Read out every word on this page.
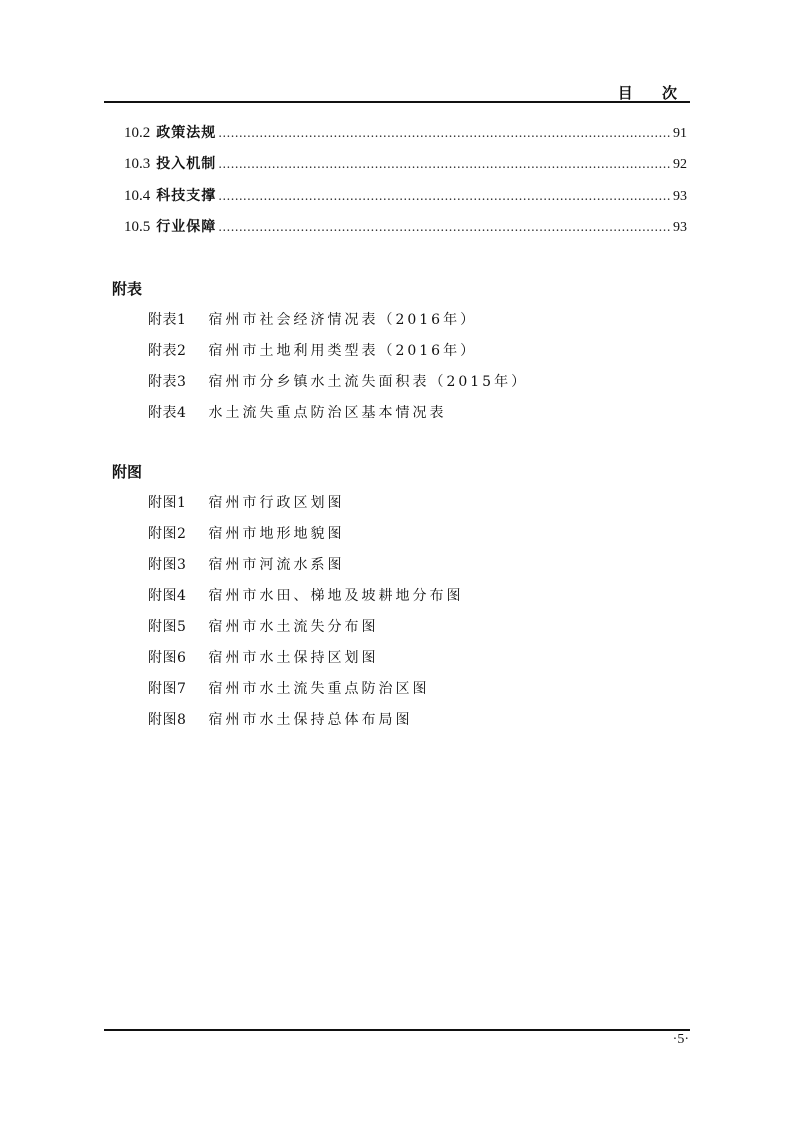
目 次
10.2 政策法规 .....	91
10.3 投入机制 .....	92
10.4 科技支撑 .....	93
10.5 行业保障 .....	93
附表
附表1 宿州市社会经济情况表（2016年）
附表2 宿州市土地利用类型表（2016年）
附表3 宿州市分乡镇水土流失面积表（2015年）
附表4 水土流失重点防治区基本情况表
附图
附图1 宿州市行政区划图
附图2 宿州市地形地貌图
附图3 宿州市河流水系图
附图4 宿州市水田、梯地及坡耕地分布图
附图5 宿州市水土流失分布图
附图6 宿州市水土保持区划图
附图7 宿州市水土流失重点防治区图
附图8 宿州市水土保持总体布局图
·5·
